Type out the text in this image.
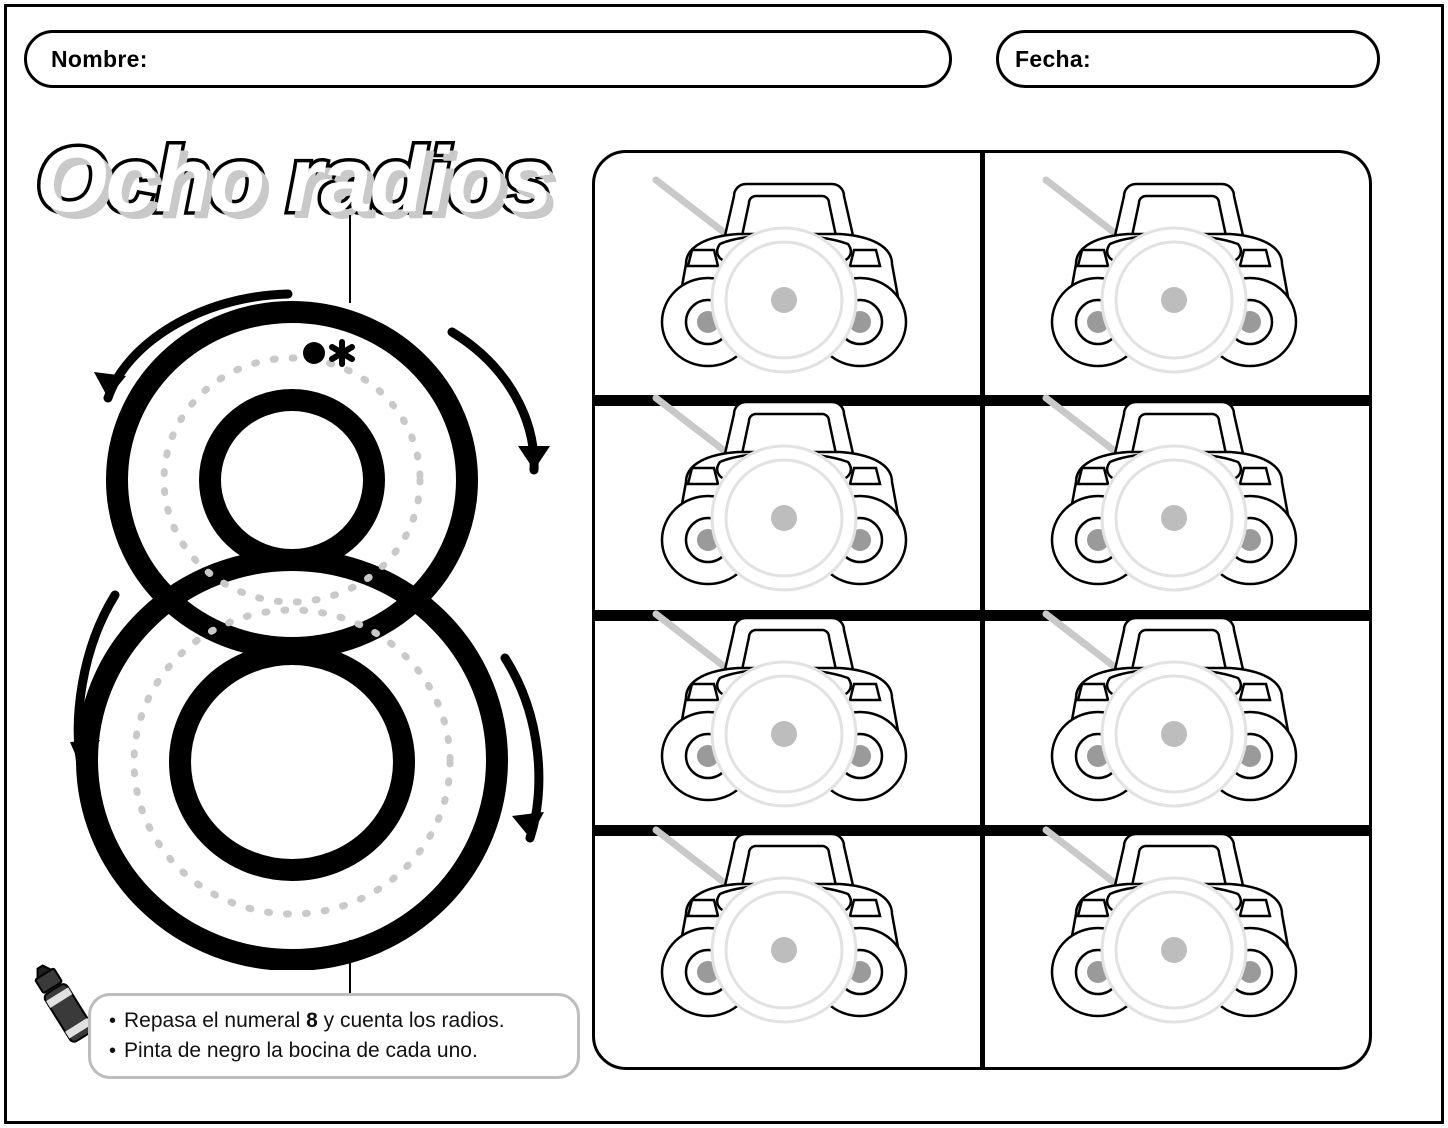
Nombre:	Fecha:
Ocho radios
• Repasa el numeral 8 y cuenta los radios.
• Pinta de negro la bocina de cada uno.
